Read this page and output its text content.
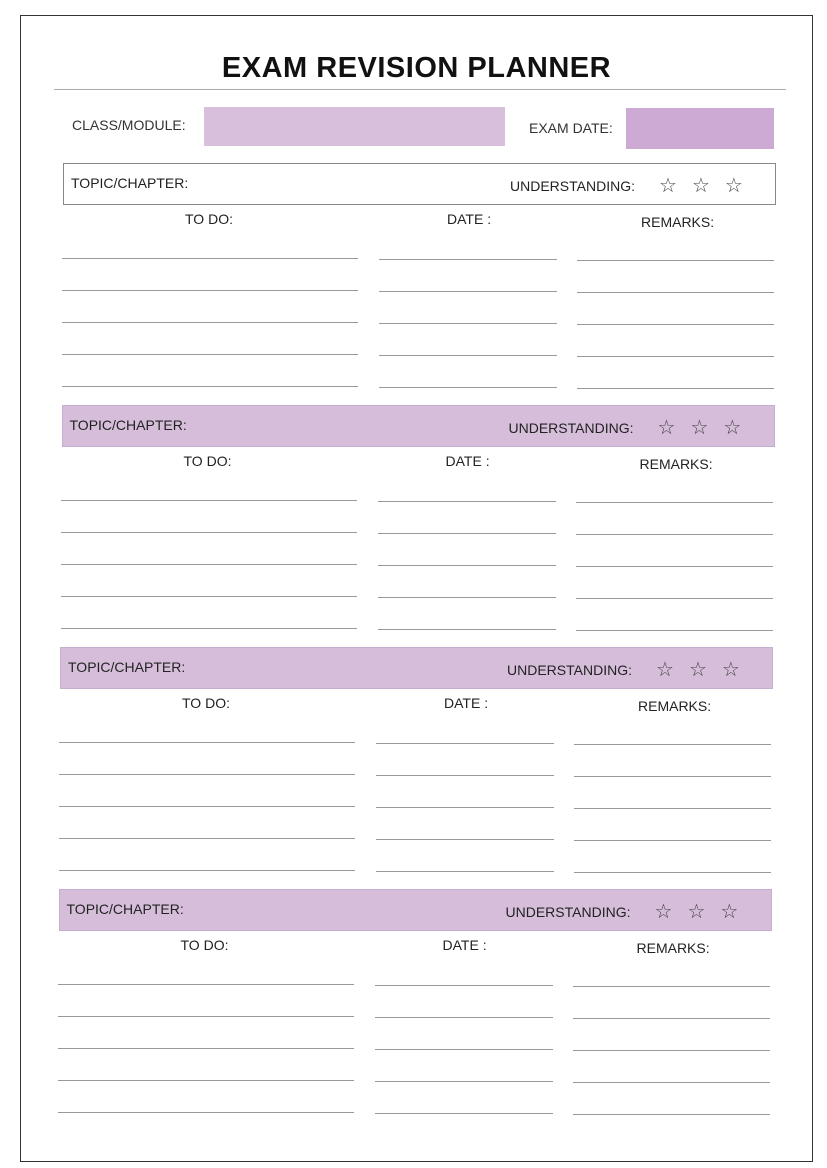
EXAM REVISION PLANNER
CLASS/MODULE:	EXAM DATE:
TOPIC/CHAPTER:	UNDERSTANDING: ☆☆☆
TO DO:	DATE :	REMARKS:
TOPIC/CHAPTER:	UNDERSTANDING: ☆☆☆
TO DO:	DATE :	REMARKS:
TOPIC/CHAPTER:	UNDERSTANDING: ☆☆☆
TO DO:	DATE :	REMARKS:
TOPIC/CHAPTER:	UNDERSTANDING: ☆☆☆
TO DO:	DATE :	REMARKS:
